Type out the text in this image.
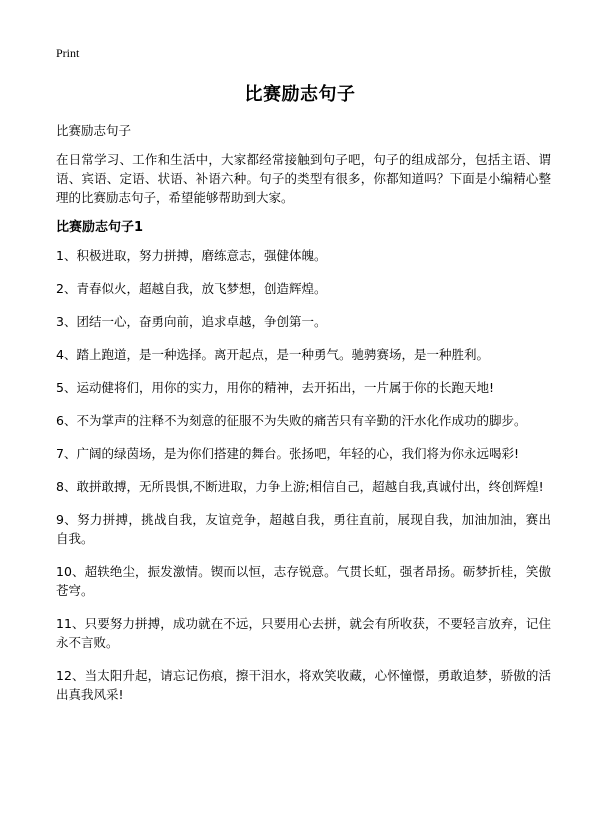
Print
比赛励志句子
比赛励志句子
在日常学习、工作和生活中，大家都经常接触到句子吧，句子的组成部分，包括主语、谓语、宾语、定语、状语、补语六种。句子的类型有很多，你都知道吗？下面是小编精心整理的比赛励志句子，希望能够帮助到大家。
比赛励志句子1
1、积极进取，努力拼搏，磨练意志，强健体魄。
2、青春似火，超越自我，放飞梦想，创造辉煌。
3、团结一心，奋勇向前，追求卓越，争创第一。
4、踏上跑道，是一种选择。离开起点，是一种勇气。驰骋赛场，是一种胜利。
5、运动健将们，用你的实力，用你的精神，去开拓出，一片属于你的长跑天地!
6、不为掌声的注释不为刻意的征服不为失败的痛苦只有辛勤的汗水化作成功的脚步。
7、广阔的绿茵场，是为你们搭建的舞台。张扬吧，年轻的心，我们将为你永远喝彩!
8、敢拼敢搏，无所畏惧,不断进取，力争上游;相信自己，超越自我,真诚付出，终创辉煌!
9、努力拼搏，挑战自我，友谊竞争，超越自我，勇往直前，展现自我，加油加油，赛出自我。
10、超轶绝尘，振发激情。锲而以恒，志存锐意。气贯长虹，强者昂扬。砺梦折桂，笑傲苍穹。
11、只要努力拼搏，成功就在不远，只要用心去拼，就会有所收获，不要轻言放弃，记住永不言败。
12、当太阳升起，请忘记伤痕，擦干泪水，将欢笑收藏，心怀憧憬，勇敢追梦，骄傲的活出真我风采!
